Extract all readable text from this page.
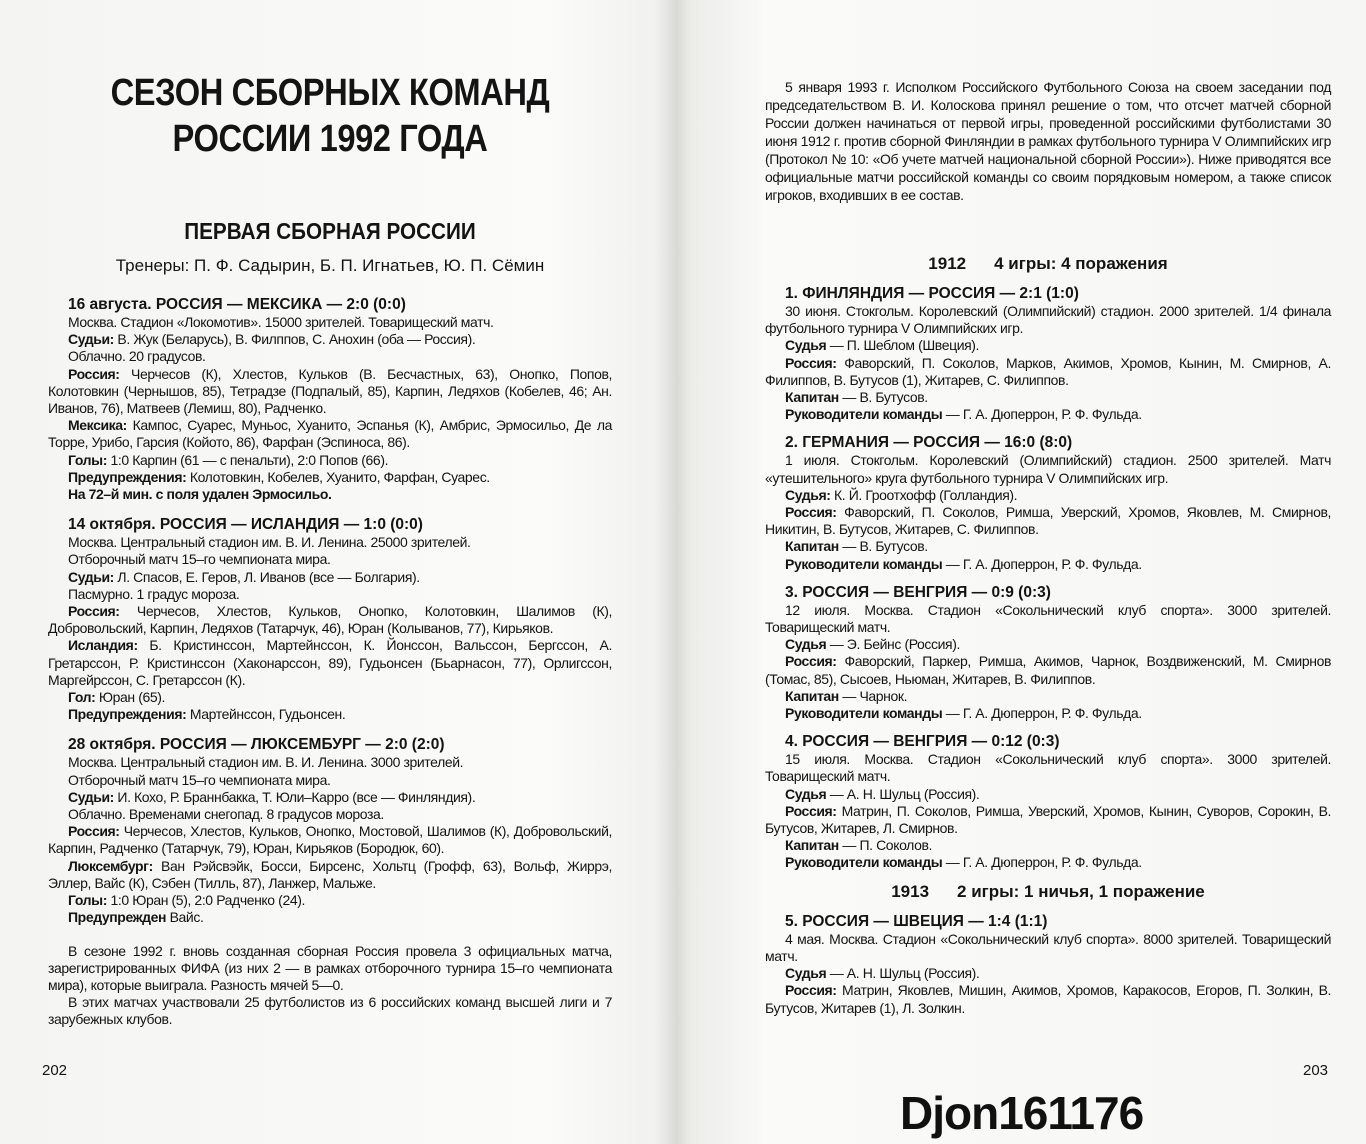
СЕЗОН СБОРНЫХ КОМАНД
РОССИИ 1992 ГОДА
ПЕРВАЯ СБОРНАЯ РОССИИ
Тренеры: П. Ф. Садырин, Б. П. Игнатьев, Ю. П. Сёмин
16 августа. РОССИЯ — МЕКСИКА — 2:0 (0:0)
Москва. Стадион «Локомотив». 15000 зрителей. Товарищеский матч.
Судьи: В. Жук (Беларусь), В. Филппов, С. Анохин (оба — Россия).
Облачно. 20 градусов.
Россия: Черчесов (К), Хлестов, Кульков (В. Бесчастных, 63), Онопко, Попов, Колотовкин (Чернышов, 85), Тетрадзе (Подпалый, 85), Карпин, Ледяхов (Кобелев, 46; Ан. Иванов, 76), Матвеев (Лемиш, 80), Радченко.
Мексика: Кампос, Суарес, Муньос, Хуанито, Эспанья (К), Амбрис, Эрмосильо, Де ла Торре, Урибо, Гарсия (Койото, 86), Фарфан (Эспиноса, 86).
Голы: 1:0 Карпин (61 — с пенальти), 2:0 Попов (66).
Предупреждения: Колотовкин, Кобелев, Хуанито, Фарфан, Суарес.
На 72–й мин. с поля удален Эрмосильо.
14 октября. РОССИЯ — ИСЛАНДИЯ — 1:0 (0:0)
Москва. Центральный стадион им. В. И. Ленина. 25000 зрителей.
Отборочный матч 15–го чемпионата мира.
Судьи: Л. Спасов, Е. Геров, Л. Иванов (все — Болгария).
Пасмурно. 1 градус мороза.
Россия: Черчесов, Хлестов, Кульков, Онопко, Колотовкин, Шалимов (К), Добровольский, Карпин, Ледяхов (Татарчук, 46), Юран (Колыванов, 77), Кирьяков.
Исландия: Б. Кристинссон, Мартейнссон, К. Йонссон, Вальссон, Бергссон, А. Гретарссон, Р. Кристинссон (Хаконарссон, 89), Гудьонсен (Бьарнасон, 77), Орлигссон, Маргейрссон, С. Гретарссон (К).
Гол: Юран (65).
Предупреждения: Мартейнссон, Гудьонсен.
28 октября. РОССИЯ — ЛЮКСЕМБУРГ — 2:0 (2:0)
Москва. Центральный стадион им. В. И. Ленина. 3000 зрителей.
Отборочный матч 15–го чемпионата мира.
Судьи: И. Кохо, Р. Браннбакка, Т. Юли–Карро (все — Финляндия).
Облачно. Временами снегопад. 8 градусов мороза.
Россия: Черчесов, Хлестов, Кульков, Онопко, Мостовой, Шалимов (К), Добровольский, Карпин, Радченко (Татарчук, 79), Юран, Кирьяков (Бородюк, 60).
Люксембург: Ван Рэйсвэйк, Босси, Бирсенс, Хольтц (Грофф, 63), Вольф, Жиррэ, Эллер, Вайс (К), Сэбен (Тилль, 87), Ланжер, Мальже.
Голы: 1:0 Юран (5), 2:0 Радченко (24).
Предупрежден Вайс.
В сезоне 1992 г. вновь созданная сборная Россия провела 3 официальных матча, зарегистрированных ФИФА (из них 2 — в рамках отборочного турнира 15–го чемпионата мира), которые выиграла. Разность мячей 5—0.
В этих матчах участвовали 25 футболистов из 6 российских команд высшей лиги и 7 зарубежных клубов.
202
5 января 1993 г. Исполком Российского Футбольного Союза на своем заседании под председательством В. И. Колоскова принял решение о том, что отсчет матчей сборной России должен начинаться от первой игры, проведенной российскими футболистами 30 июня 1912 г. против сборной Финляндии в рамках футбольного турнира V Олимпийских игр (Протокол № 10: «Об учете матчей национальной сборной России»). Ниже приводятся все официальные матчи российской команды со своим порядковым номером, а также список игроков, входивших в ее состав.
1912 4 игры: 4 поражения
1. ФИНЛЯНДИЯ — РОССИЯ — 2:1 (1:0)
30 июня. Стокгольм. Королевский (Олимпийский) стадион. 2000 зрителей. 1/4 финала футбольного турнира V Олимпийских игр.
Судья — П. Шеблом (Швеция).
Россия: Фаворский, П. Соколов, Марков, Акимов, Хромов, Кынин, М. Смирнов, А. Филиппов, В. Бутусов (1), Житарев, С. Филиппов.
Капитан — В. Бутусов.
Руководители команды — Г. А. Дюперрон, Р. Ф. Фульда.
2. ГЕРМАНИЯ — РОССИЯ — 16:0 (8:0)
1 июля. Стокгольм. Королевский (Олимпийский) стадион. 2500 зрителей. Матч «утешительного» круга футбольного турнира V Олимпийских игр.
Судья: К. Й. Гроотхофф (Голландия).
Россия: Фаворский, П. Соколов, Римша, Уверский, Хромов, Яковлев, М. Смирнов, Никитин, В. Бутусов, Житарев, С. Филиппов.
Капитан — В. Бутусов.
Руководители команды — Г. А. Дюперрон, Р. Ф. Фульда.
3. РОССИЯ — ВЕНГРИЯ — 0:9 (0:3)
12 июля. Москва. Стадион «Сокольнический клуб спорта». 3000 зрителей. Товарищеский матч.
Судья — Э. Бейнс (Россия).
Россия: Фаворский, Паркер, Римша, Акимов, Чарнок, Воздвиженский, М. Смирнов (Томас, 85), Сысоев, Ньюман, Житарев, В. Филиппов.
Капитан — Чарнок.
Руководители команды — Г. А. Дюперрон, Р. Ф. Фульда.
4. РОССИЯ — ВЕНГРИЯ — 0:12 (0:3)
15 июля. Москва. Стадион «Сокольнический клуб спорта». 3000 зрителей. Товарищеский матч.
Судья — А. Н. Шульц (Россия).
Россия: Матрин, П. Соколов, Римша, Уверский, Хромов, Кынин, Суворов, Сорокин, В. Бутусов, Житарев, Л. Смирнов.
Капитан — П. Соколов.
Руководители команды — Г. А. Дюперрон, Р. Ф. Фульда.
1913 2 игры: 1 ничья, 1 поражение
5. РОССИЯ — ШВЕЦИЯ — 1:4 (1:1)
4 мая. Москва. Стадион «Сокольнический клуб спорта». 8000 зрителей. Товарищеский матч.
Судья — А. Н. Шульц (Россия).
Россия: Матрин, Яковлев, Мишин, Акимов, Хромов, Каракосов, Егоров, П. Золкин, В. Бутусов, Житарев (1), Л. Золкин.
203
Djon161176
